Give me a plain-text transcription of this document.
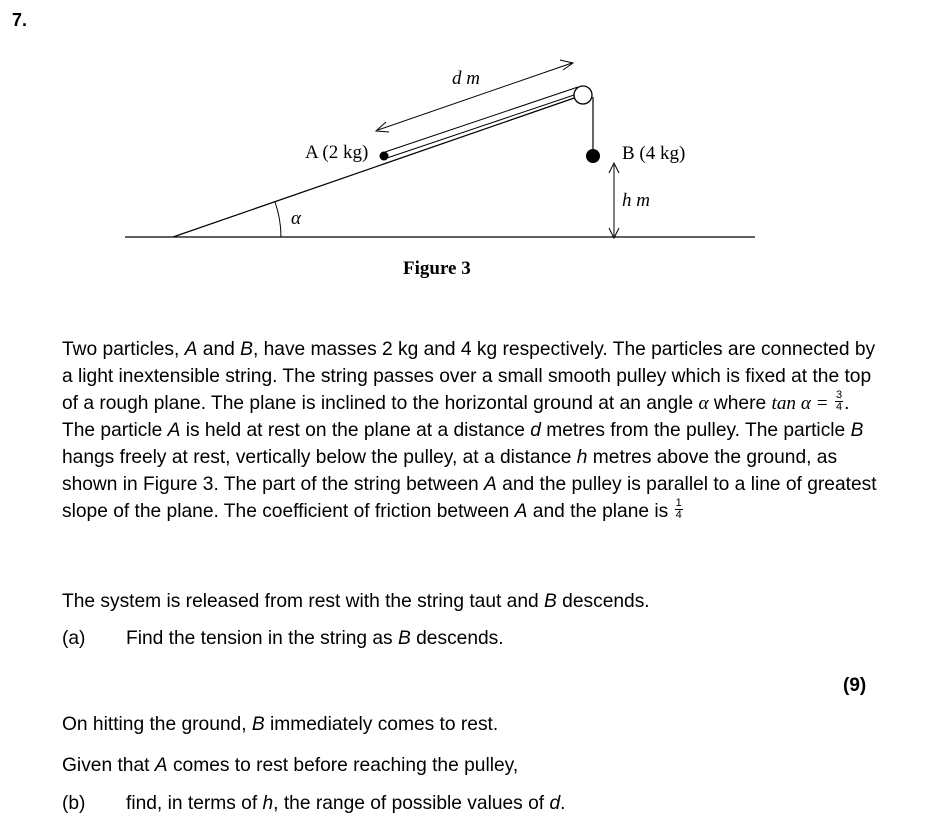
7.
d m
A (2 kg)	B (4 kg)
h m
α
Figure 3
Two particles, A and B, have masses 2 kg and 4 kg respectively. The particles are connected by a light inextensible string. The string passes over a small smooth pulley which is fixed at the top of a rough plane. The plane is inclined to the horizontal ground at an angle α where $\tan \alpha = \frac{3}{4}$ . The particle A is held at rest on the plane at a distance d metres from the pulley. The particle B hangs freely at rest, vertically below the pulley, at a distance h metres above the ground, as shown in Figure 3. The part of the string between A and the pulley is parallel to a line of greatest slope of the plane. The coefficient of friction between A and the plane is $\frac{1}{4}$
The system is released from rest with the string taut and B descends.
(a) Find the tension in the string as B descends.
(9)
On hitting the ground, B immediately comes to rest.
Given that A comes to rest before reaching the pulley,
(b) find, in terms of h, the range of possible values of d.
